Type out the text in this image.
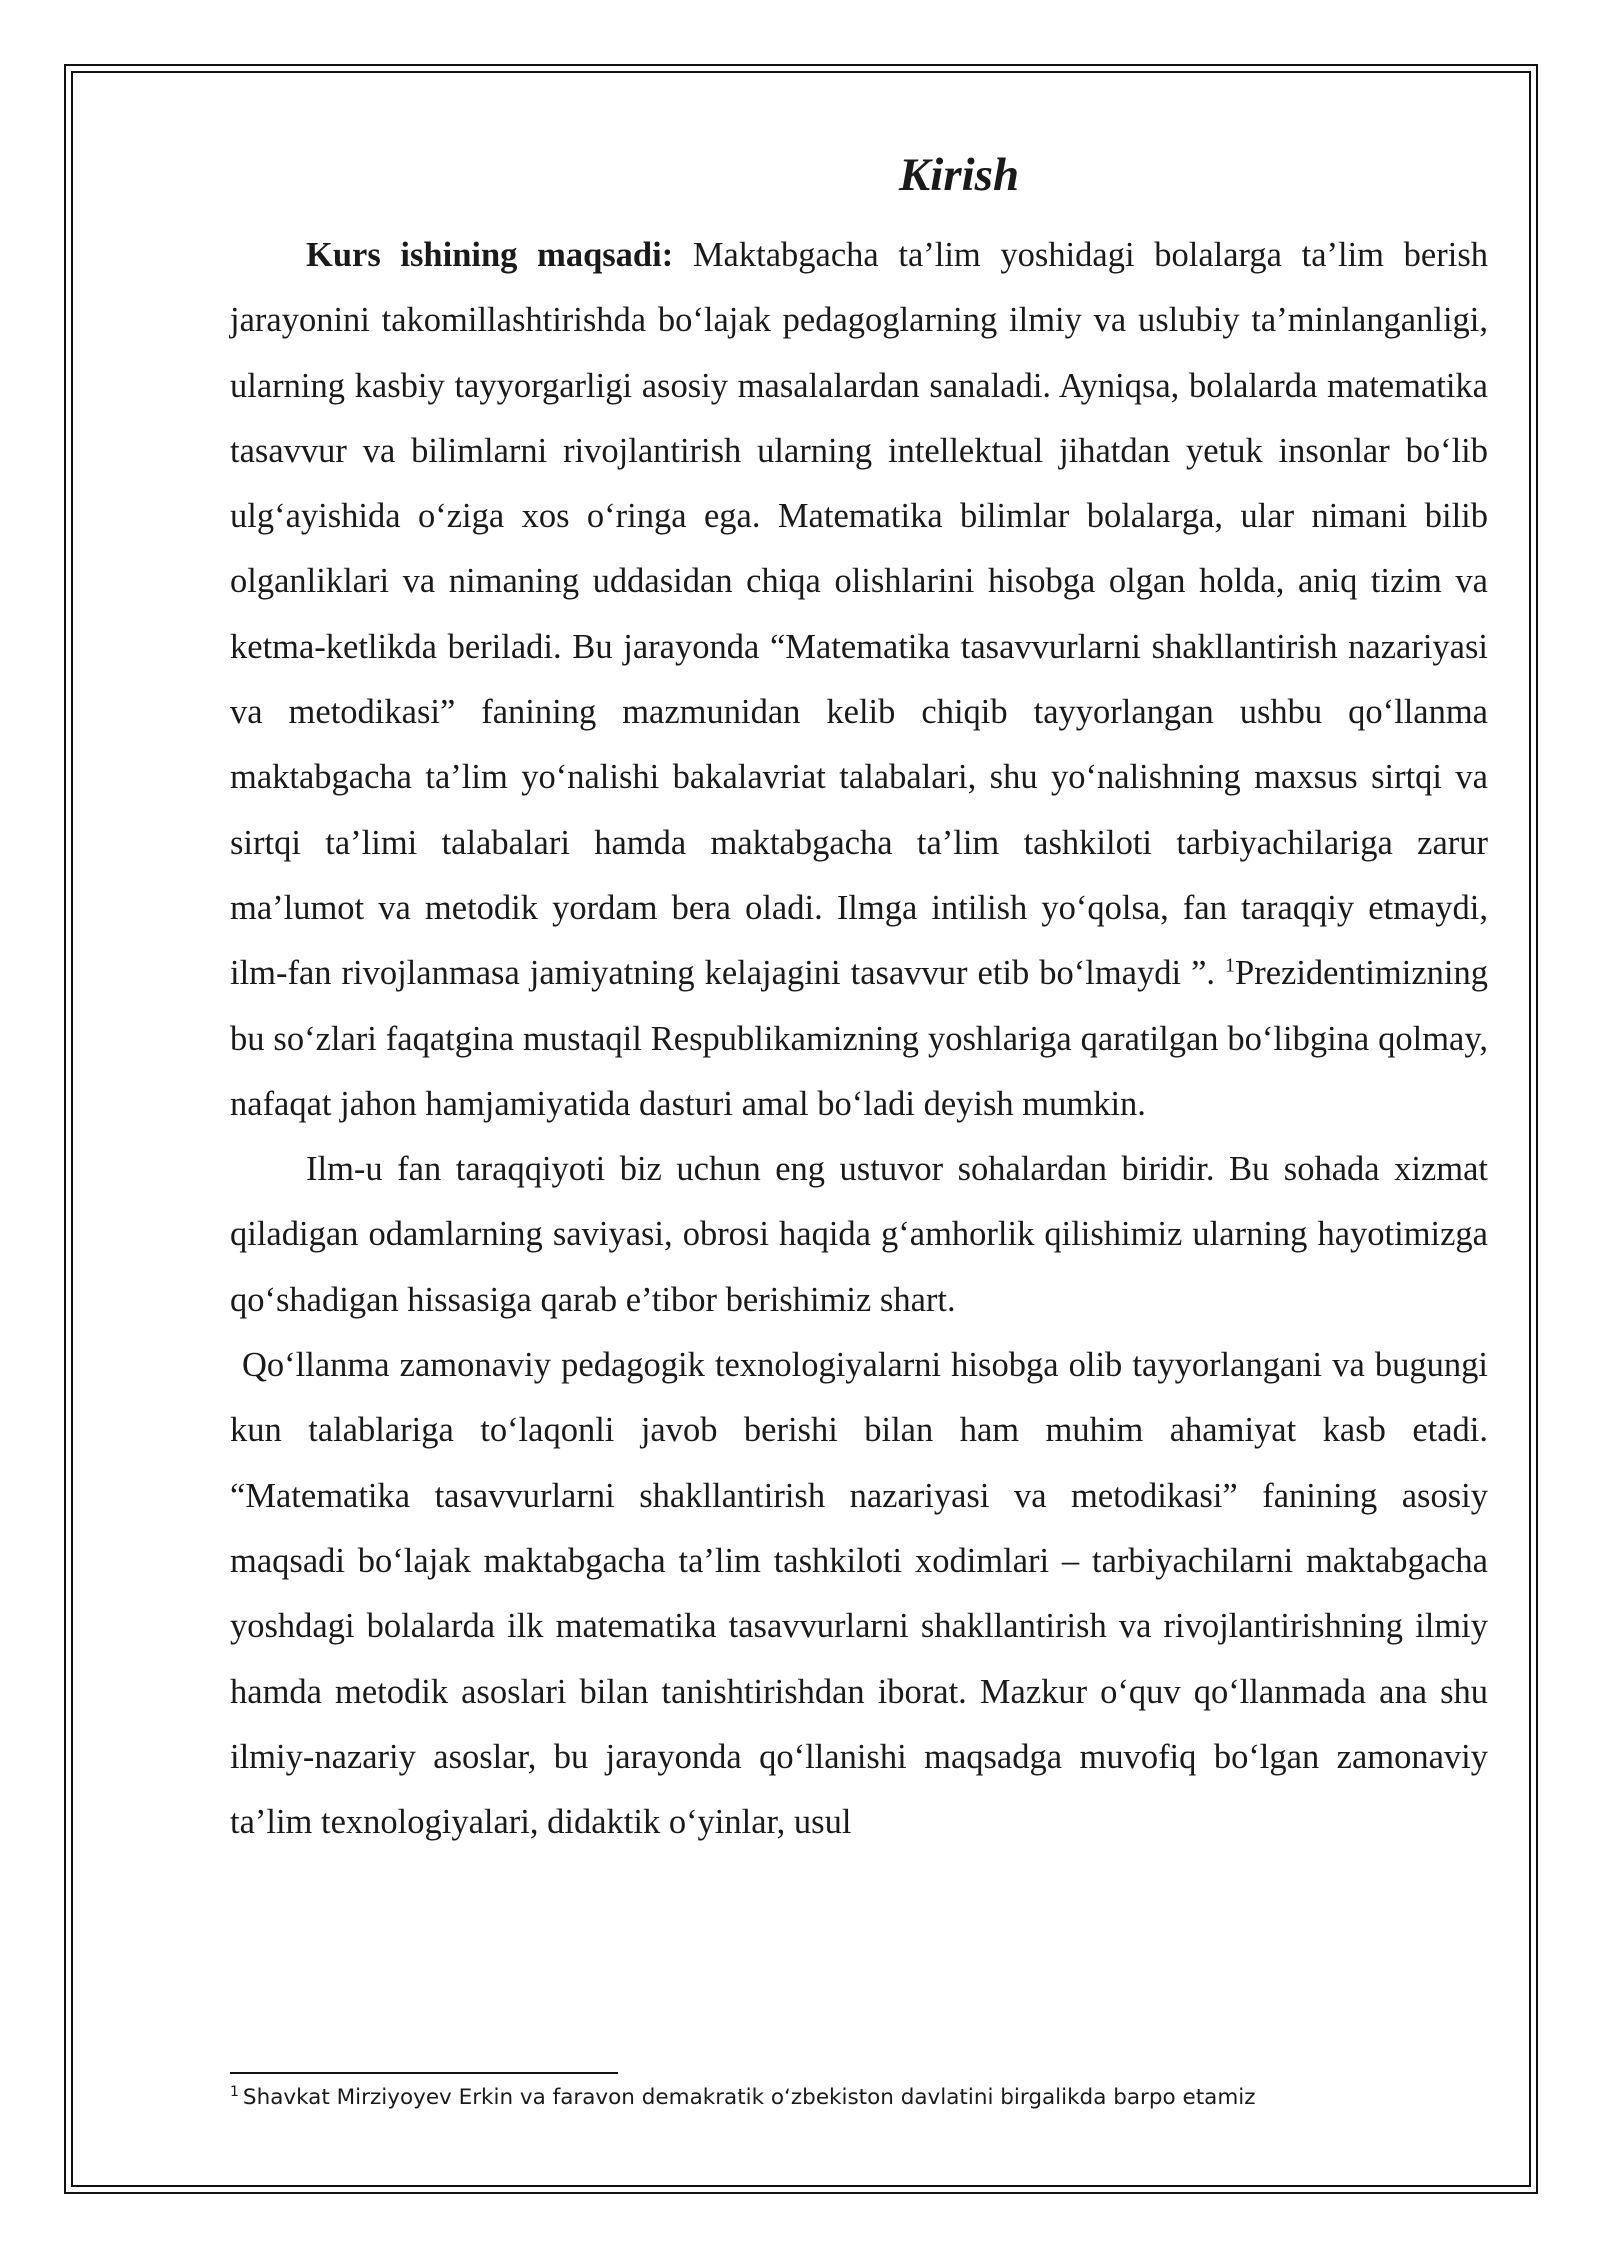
Kirish

Kurs ishining maqsadi: Maktabgacha ta’lim yoshidagi bolalarga ta’lim berish jarayonini takomillashtirishda bo‘lajak pedagoglarning ilmiy va uslubiy ta’minlanganligi, ularning kasbiy tayyorgarligi asosiy masalalardan sanaladi. Ayniqsa, bolalarda matematika tasavvur va bilimlarni rivojlantirish ularning intellektual jihatdan yetuk insonlar bo‘lib ulg‘ayishida o‘ziga xos o‘ringa ega. Matematika bilimlar bolalarga, ular nimani bilib olganliklari va nimaning uddasidan chiqa olishlarini hisobga olgan holda, aniq tizim va ketma-ketlikda beriladi. Bu jarayonda “Matematika tasavvurlarni shakllantirish nazariyasi va metodikasi” fanining mazmunidan kelib chiqib tayyorlangan ushbu qo‘llanma maktabgacha ta’lim yo‘nalishi bakalavriat talabalari, shu yo‘nalishning maxsus sirtqi va sirtqi ta’limi talabalari hamda maktabgacha ta’lim tashkiloti tarbiyachilariga zarur ma’lumot va metodik yordam bera oladi. Ilmga intilish yo‘qolsa, fan taraqqiy etmaydi, ilm-fan rivojlanmasa jamiyatning kelajagini tasavvur etib bo‘lmaydi ”. $^1$Prezidentimizning bu so‘zlari faqatgina mustaqil Respublikamizning yoshlariga qaratilgan bo‘libgina qolmay, nafaqat jahon hamjamiyatida dasturi amal bo‘ladi deyish mumkin.

Ilm-u fan taraqqiyoti biz uchun eng ustuvor sohalardan biridir. Bu sohada xizmat qiladigan odamlarning saviyasi, obrosi haqida g‘amhorlik qilishimiz ularning hayotimizga qo‘shadigan hissasiga qarab e’tibor berishimiz shart.

Qo‘llanma zamonaviy pedagogik texnologiyalarni hisobga olib tayyorlangani va bugungi kun talablariga to‘laqonli javob berishi bilan ham muhim ahamiyat kasb etadi. “Matematika tasavvurlarni shakllantirish nazariyasi va metodikasi” fanining asosiy maqsadi bo‘lajak maktabgacha ta’lim tashkiloti xodimlari – tarbiyachilarni maktabgacha yoshdagi bolalarda ilk matematika tasavvurlarni shakllantirish va rivojlantirishning ilmiy hamda metodik asoslari bilan tanishtirishdan iborat. Mazkur o‘quv qo‘llanmada ana shu ilmiy-nazariy asoslar, bu jarayonda qo‘llanishi maqsadga muvofiq bo‘lgan zamonaviy ta’lim texnologiyalari, didaktik o‘yinlar, usul

$^1$ Shavkat Mirziyoyev Erkin va faravon demakratik o‘zbekiston davlatini birgalikda barpo etamiz
